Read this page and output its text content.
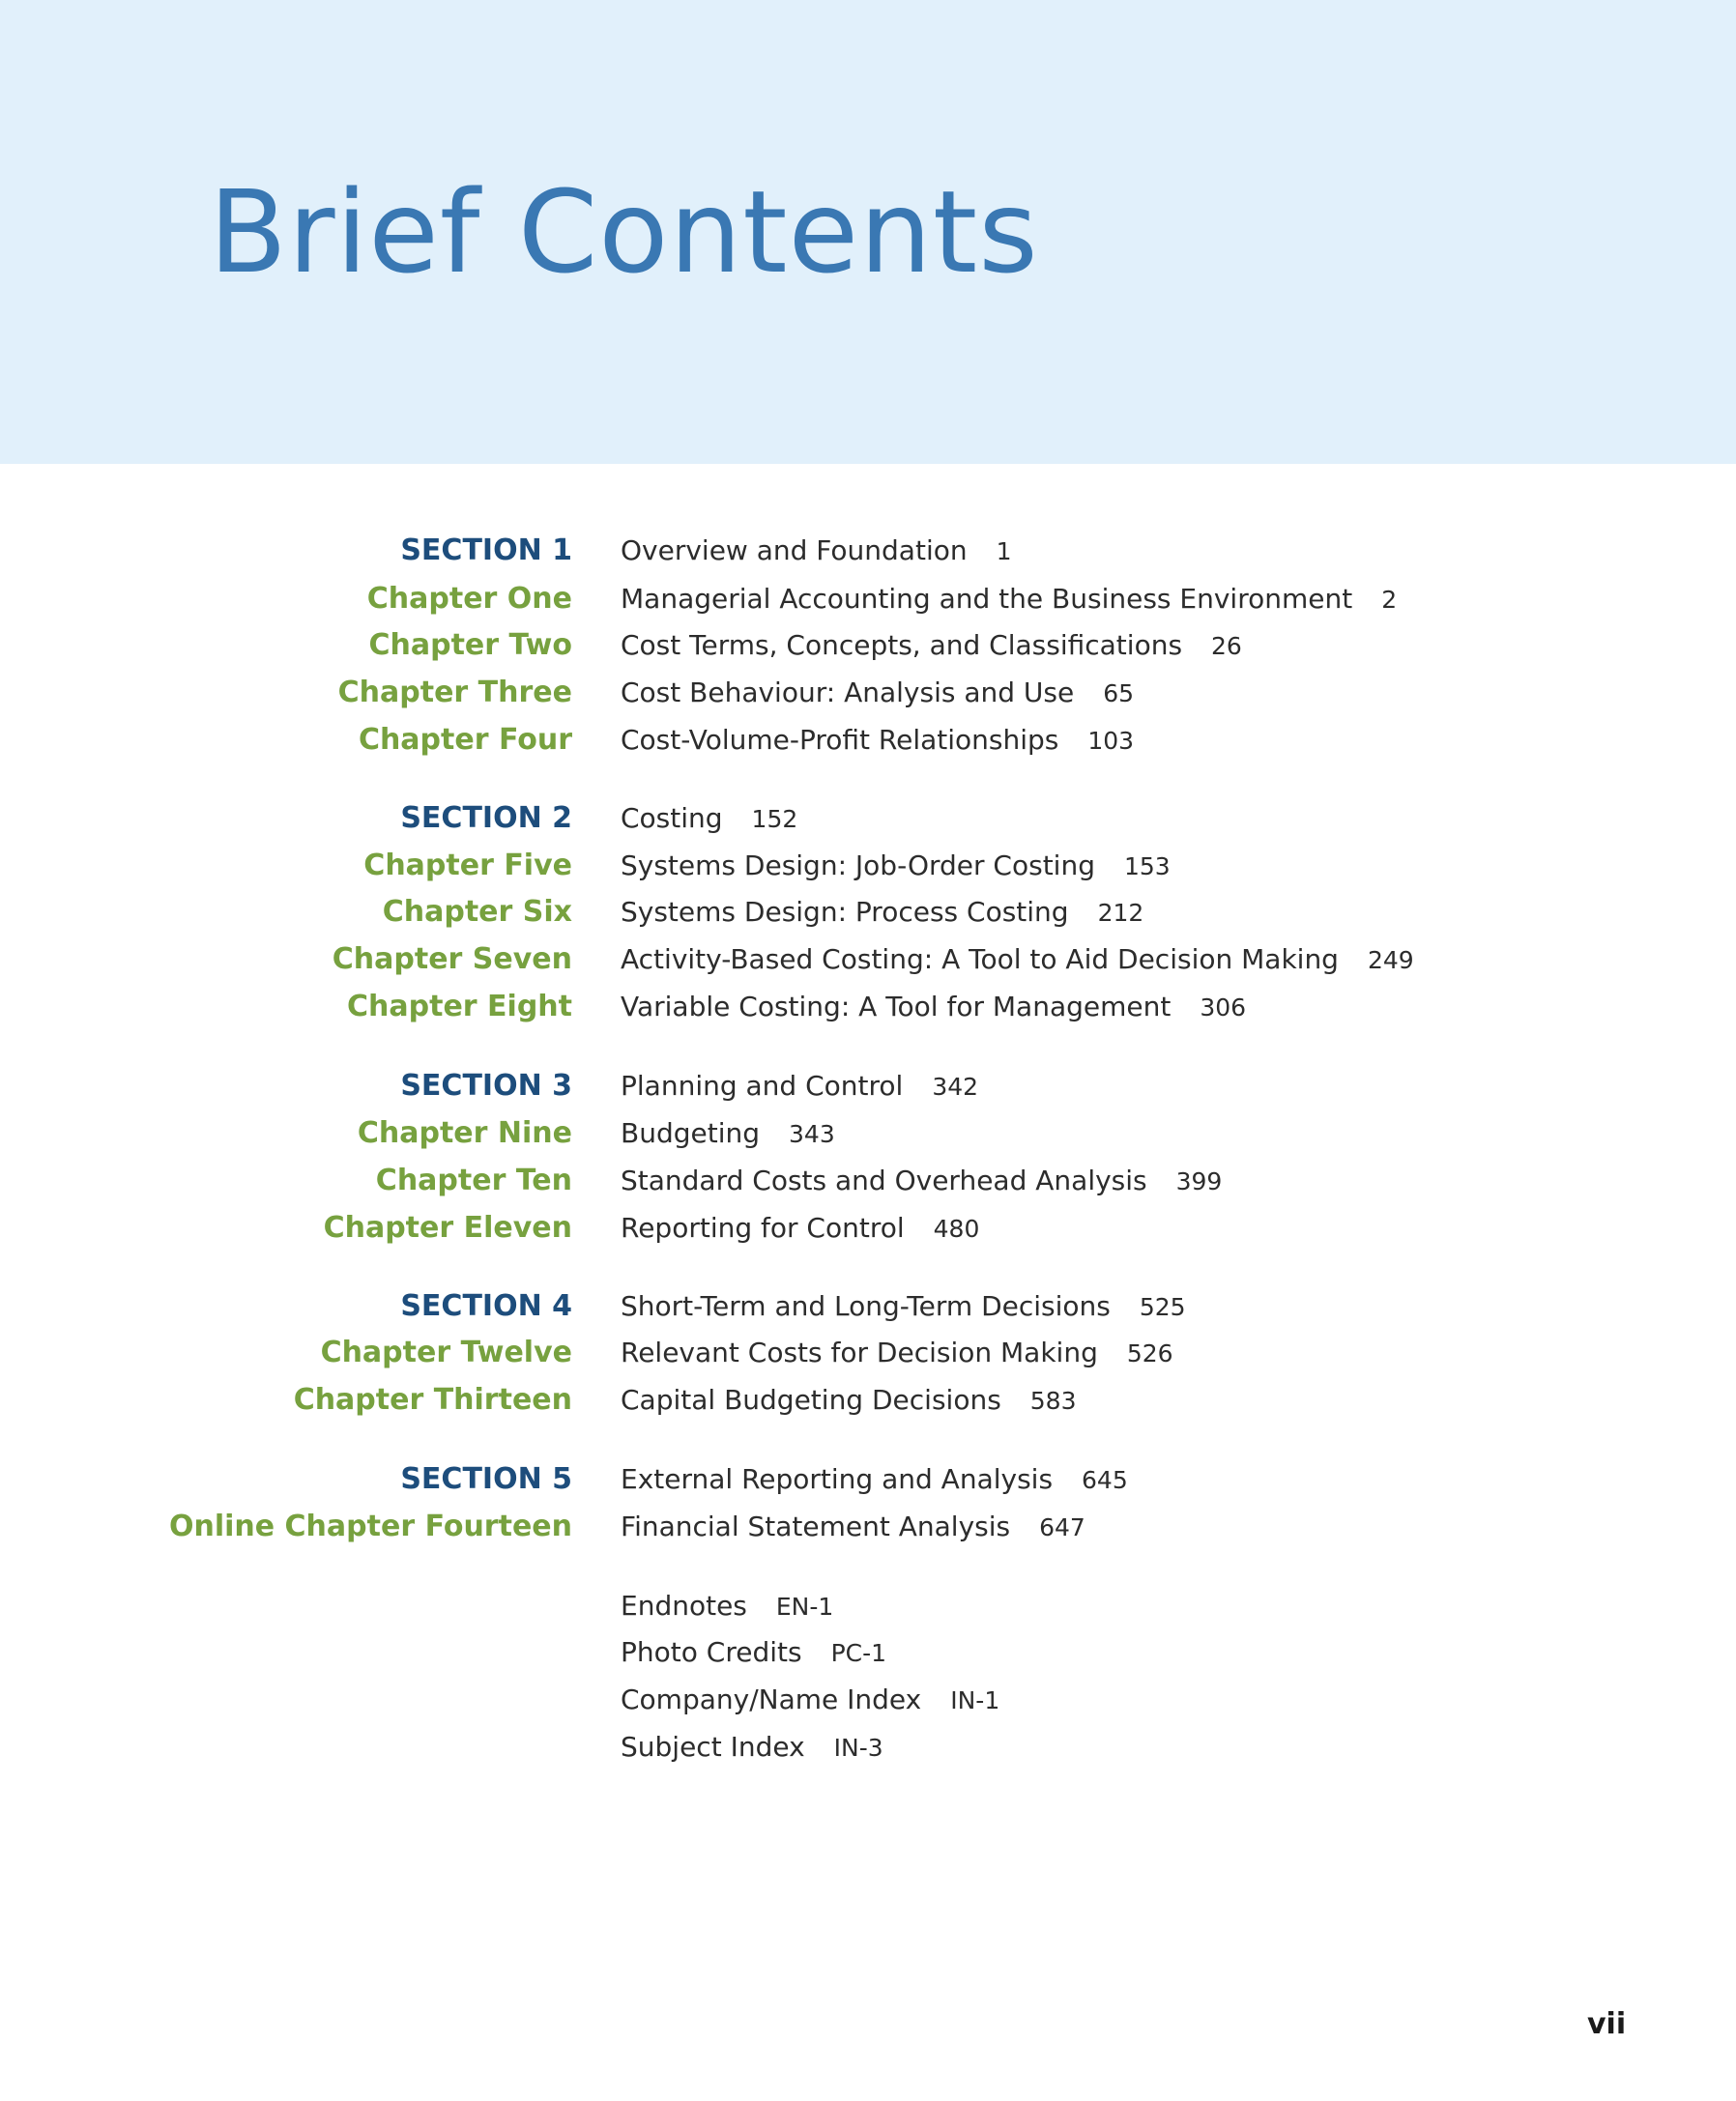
Brief Contents
SECTION 1 Overview and Foundation 1
Chapter One Managerial Accounting and the Business Environment 2
Chapter Two Cost Terms, Concepts, and Classifications 26
Chapter Three Cost Behaviour: Analysis and Use 65
Chapter Four Cost-Volume-Profit Relationships 103
SECTION 2 Costing 152
Chapter Five Systems Design: Job-Order Costing 153
Chapter Six Systems Design: Process Costing 212
Chapter Seven Activity-Based Costing: A Tool to Aid Decision Making 249
Chapter Eight Variable Costing: A Tool for Management 306
SECTION 3 Planning and Control 342
Chapter Nine Budgeting 343
Chapter Ten Standard Costs and Overhead Analysis 399
Chapter Eleven Reporting for Control 480
SECTION 4 Short-Term and Long-Term Decisions 525
Chapter Twelve Relevant Costs for Decision Making 526
Chapter Thirteen Capital Budgeting Decisions 583
SECTION 5 External Reporting and Analysis 645
Online Chapter Fourteen Financial Statement Analysis 647
Endnotes EN-1
Photo Credits PC-1
Company/Name Index IN-1
Subject Index IN-3
vii
